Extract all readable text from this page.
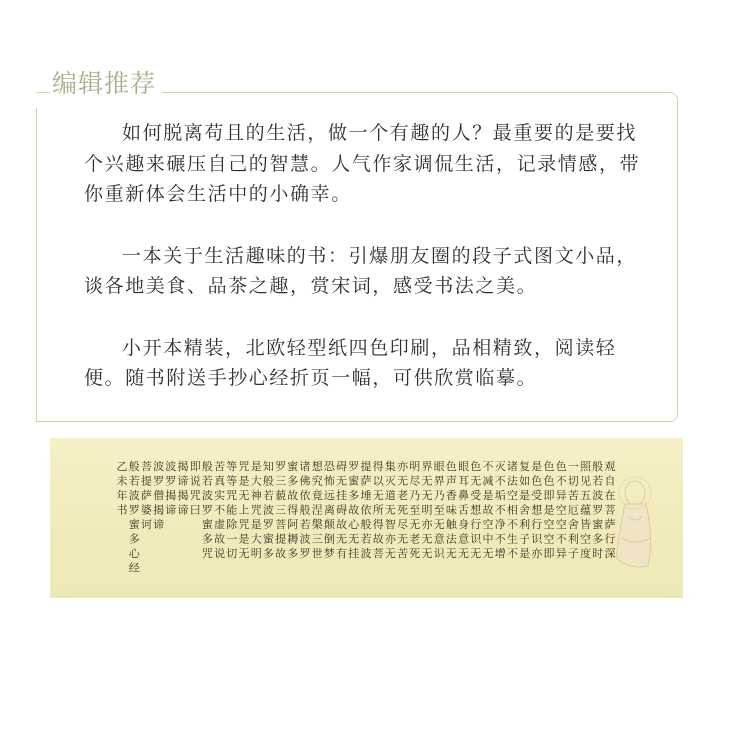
编辑推荐

如何脱离苟且的生活，做一个有趣的人？最重要的是要找个兴趣来碾压自己的智慧。人气作家调侃生活，记录情感，带你重新体会生活中的小确幸。

一本关于生活趣味的书：引爆朋友圈的段子式图文小品，谈各地美食、品茶之趣，赏宋词，感受书法之美。

小开本精装，北欧轻型纸四色印刷，品相精致，阅读轻便。随书附送手抄心经折页一幅，可供欣赏临摹。

观自在菩萨行深
般若波罗蜜多时
照见五蕴皆空度
一切苦厄舍利子
色不异空空不异
色色即是空空即
是色受想行识亦
复如是舍利子是
诸法空相不生不
灭不垢不净不增
不减是故空中无
色无受想行识无
眼耳鼻舌身意无
色声香味触法无
眼界乃至无意识
界无无明亦无无
明尽乃至无老死
亦无老死尽无苦
集灭道无智亦无
得以无所得故菩
提萨埵依般若波
罗蜜多故心无挂
碍无挂碍故无有
恐怖远离颠倒梦
想究竟涅槃三世
诸佛依般若波罗
蜜多故得阿耨多
罗三藐三菩提故
知般若波罗蜜多
是大神咒是大明
咒是无上咒是无
等等咒能除一切
苦真实不虚故说
般若波罗蜜多咒
即说咒曰
揭谛揭谛
波罗揭谛
波罗僧揭谛
菩提萨婆诃
般若波罗蜜多心经
乙未年书
